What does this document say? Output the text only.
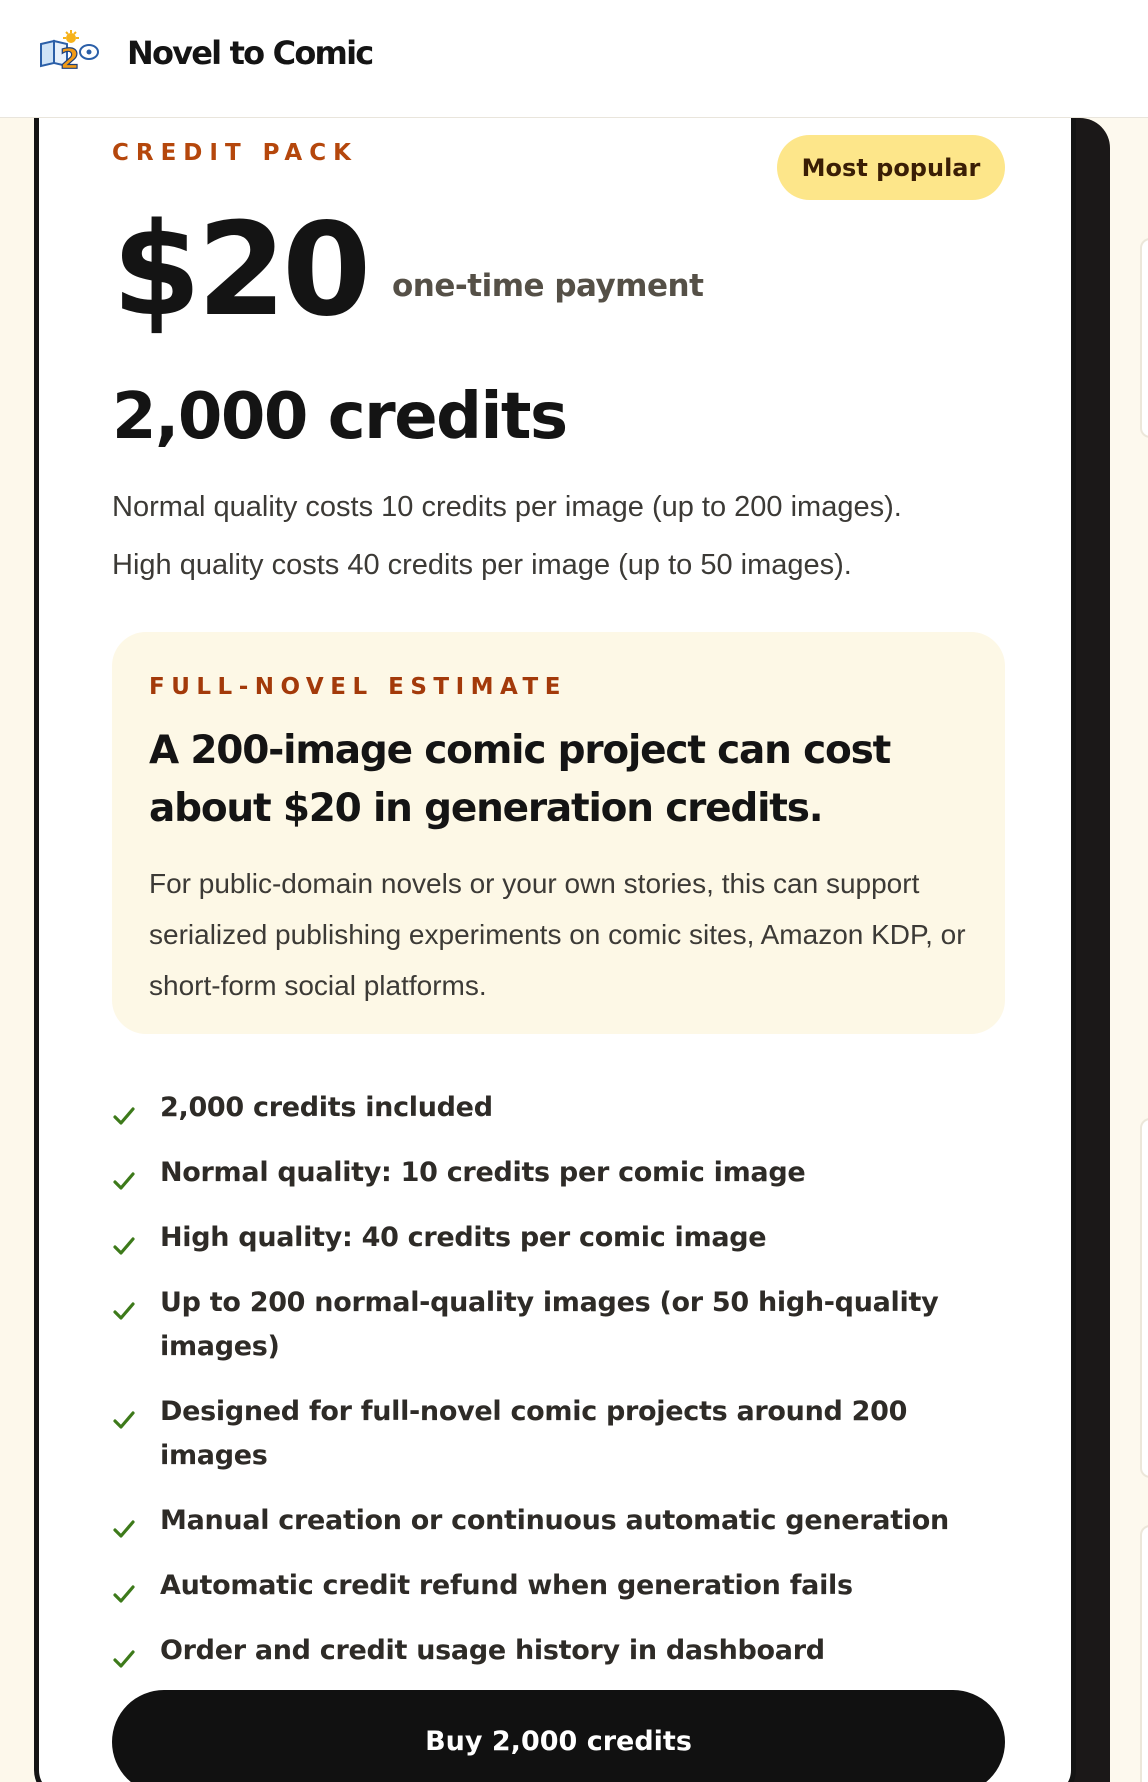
2 Novel to Comic
CREDIT PACK
Most popular
$20 one-time payment
2,000 credits
Normal quality costs 10 credits per image (up to 200 images).
High quality costs 40 credits per image (up to 50 images).
FULL-NOVEL ESTIMATE
A 200-image comic project can cost about $20 in generation credits.
For public-domain novels or your own stories, this can support serialized publishing experiments on comic sites, Amazon KDP, or short-form social platforms.
2,000 credits included
Normal quality: 10 credits per comic image
High quality: 40 credits per comic image
Up to 200 normal-quality images (or 50 high-quality images)
Designed for full-novel comic projects around 200 images
Manual creation or continuous automatic generation
Automatic credit refund when generation fails
Order and credit usage history in dashboard
Buy 2,000 credits
